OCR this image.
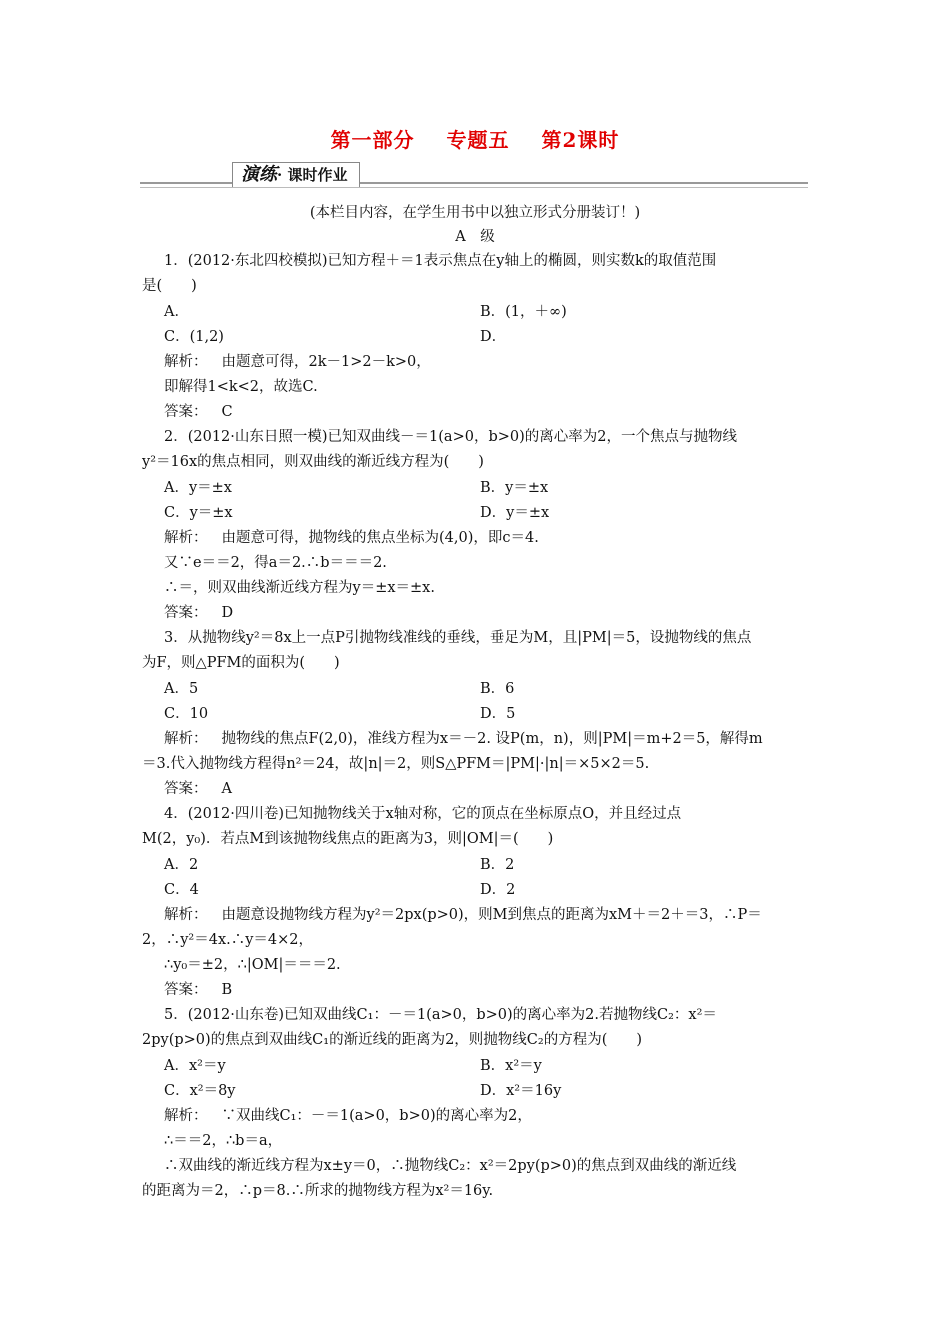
第一部分 专题五 第2课时
演练· 课时作业
(本栏目内容，在学生用书中以独立形式分册装订！)
A　级
1．(2012·东北四校模拟)已知方程＋＝1表示焦点在y轴上的椭圆，则实数k的取值范围
是(　　)
A．	B．(1，＋∞)
C．(1,2)	D．
解析： 由题意可得，2k－1>2－k>0，
即解得1<k<2，故选C.
答案： C
2．(2012·山东日照一模)已知双曲线－＝1(a>0，b>0)的离心率为2，一个焦点与抛物线
y²＝16x的焦点相同，则双曲线的渐近线方程为(　　)
A．y＝±x	B．y＝±x
C．y＝±x	D．y＝±x
解析： 由题意可得，抛物线的焦点坐标为(4,0)，即c＝4.
又∵e＝＝2，得a＝2.∴b＝＝＝2.
∴＝，则双曲线渐近线方程为y＝±x＝±x.
答案： D
3．从抛物线y²＝8x上一点P引抛物线准线的垂线，垂足为M，且|PM|＝5，设抛物线的焦点
为F，则△PFM的面积为(　　)
A．5	B．6
C．10	D．5
解析： 抛物线的焦点F(2,0)，准线方程为x＝－2. 设P(m，n)，则|PM|＝m+2＝5，解得m
＝3.代入抛物线方程得n²＝24，故|n|＝2，则S△PFM＝|PM|·|n|＝×5×2＝5.
答案： A
4．(2012·四川卷)已知抛物线关于x轴对称，它的顶点在坐标原点O，并且经过点
M(2，y₀)．若点M到该抛物线焦点的距离为3，则|OM|＝(　　)
A．2	B．2
C．4	D．2
解析： 由题意设抛物线方程为y²＝2px(p>0)，则M到焦点的距离为xM＋＝2＋＝3，∴P＝
2，∴y²＝4x.∴y＝4×2，
∴y₀＝±2，∴|OM|＝＝＝2.
答案： B
5．(2012·山东卷)已知双曲线C₁：－＝1(a>0，b>0)的离心率为2.若抛物线C₂：x²＝
2py(p>0)的焦点到双曲线C₁的渐近线的距离为2，则抛物线C₂的方程为(　　)
A．x²＝y	B．x²＝y
C．x²＝8y	D．x²＝16y
解析： ∵双曲线C₁：－＝1(a>0，b>0)的离心率为2，
∴＝＝2，∴b＝a，
∴双曲线的渐近线方程为x±y＝0，∴抛物线C₂：x²＝2py(p>0)的焦点到双曲线的渐近线
的距离为＝2，∴p＝8.∴所求的抛物线方程为x²＝16y.
